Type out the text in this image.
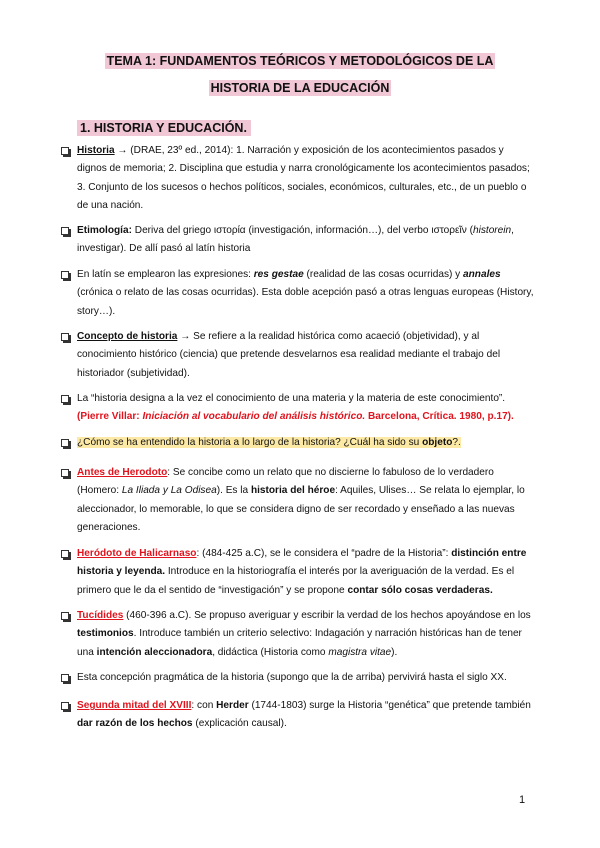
TEMA 1: FUNDAMENTOS TEÓRICOS Y METODOLÓGICOS DE LA
HISTORIA DE LA EDUCACIÓN
1. HISTORIA Y EDUCACIÓN.
Historia → (DRAE, 23º ed., 2014): 1. Narración y exposición de los acontecimientos pasados y dignos de memoria; 2. Disciplina que estudia y narra cronológicamente los acontecimientos pasados; 3. Conjunto de los sucesos o hechos políticos, sociales, económicos, culturales, etc., de un pueblo o de una nación.
Etimología: Deriva del griego ιστορία (investigación, información…), del verbo ιστορεῖν (historein, investigar). De allí pasó al latín historia
En latín se emplearon las expresiones: res gestae (realidad de las cosas ocurridas) y annales (crónica o relato de las cosas ocurridas). Esta doble acepción pasó a otras lenguas europeas (History, story…).
Concepto de historia → Se refiere a la realidad histórica como acaeció (objetividad), y al conocimiento histórico (ciencia) que pretende desvelarnos esa realidad mediante el trabajo del historiador (subjetividad).
La “historia designa a la vez el conocimiento de una materia y la materia de este conocimiento”. (Pierre Villar: Iniciación al vocabulario del análisis histórico. Barcelona, Crítica. 1980, p.17).
¿Cómo se ha entendido la historia a lo largo de la historia? ¿Cuál ha sido su objeto?.
Antes de Herodoto: Se concibe como un relato que no discierne lo fabuloso de lo verdadero (Homero: La Iliada y La Odisea). Es la historia del héroe: Aquiles, Ulises… Se relata lo ejemplar, lo aleccionador, lo memorable, lo que se considera digno de ser recordado y enseñado a las nuevas generaciones.
Heródoto de Halicarnaso: (484-425 a.C), se le considera el “padre de la Historia”: distinción entre historia y leyenda. Introduce en la historiografía el interés por la averiguación de la verdad. Es el primero que le da el sentido de “investigación” y se propone contar sólo cosas verdaderas.
Tucídides (460-396 a.C). Se propuso averiguar y escribir la verdad de los hechos apoyándose en los testimonios. Introduce también un criterio selectivo: Indagación y narración históricas han de tener una intención aleccionadora, didáctica (Historia como magistra vitae).
Esta concepción pragmática de la historia (supongo que la de arriba) pervivirá hasta el siglo XX.
Segunda mitad del XVIII: con Herder (1744-1803) surge la Historia “genética” que pretende también dar razón de los hechos (explicación causal).
1
